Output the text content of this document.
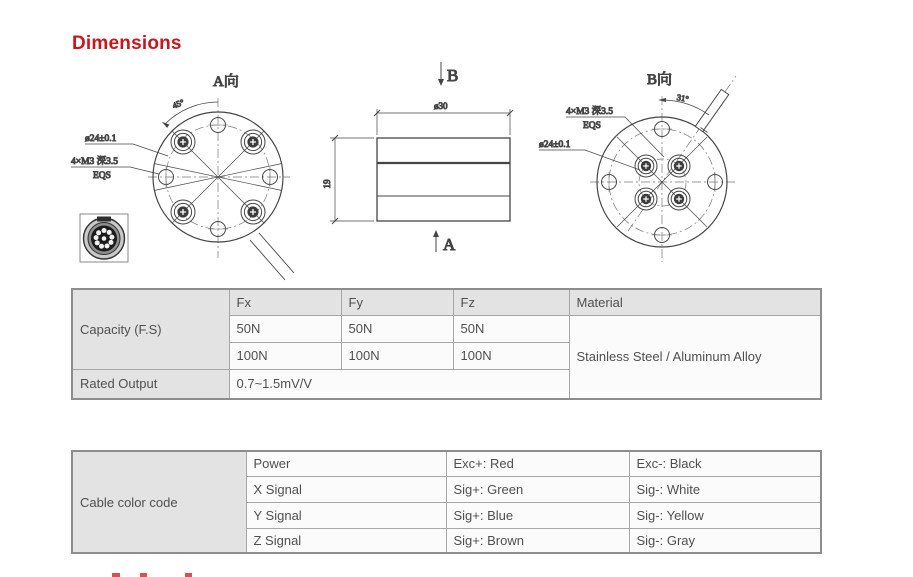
Dimensions
A向
45°
ø24±0.1
4×M3 深3.5
EQS
B
ø30
19
A
B向
31°
4×M3 深3.5
EQS
ø24±0.1
Capacity (F.S)	Fx	Fy	Fz	Material
	50N	50N	50N	Stainless Steel / Aluminum Alloy
	100N	100N	100N	
Rated Output	0.7~1.5mV/V			
Cable color code	Power	Exc+: Red	Exc-: Black
	X Signal	Sig+: Green	Sig-: White
	Y Signal	Sig+: Blue	Sig-: Yellow
	Z Signal	Sig+: Brown	Sig-: Gray
